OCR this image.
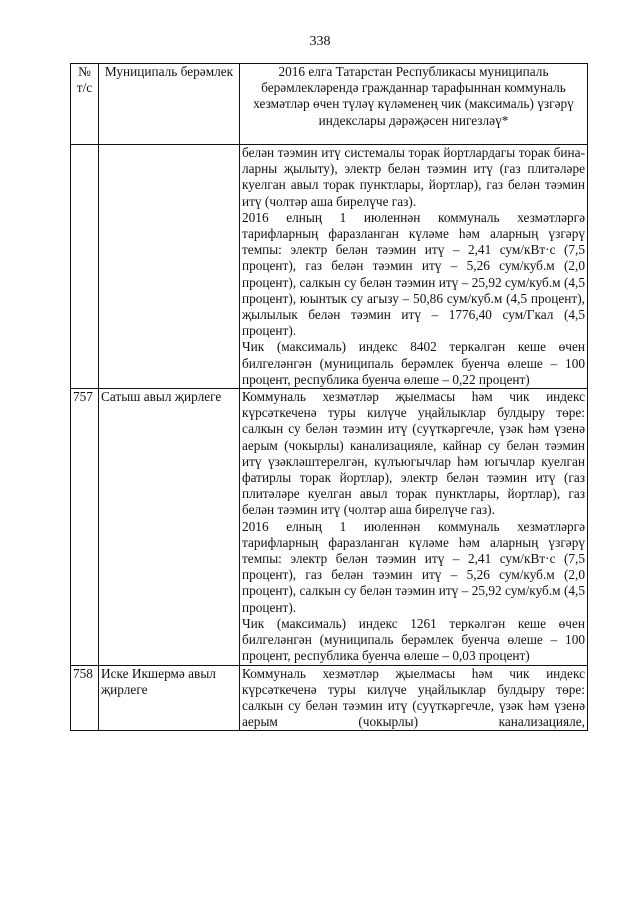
338
№ т/с	Муниципаль берәмлек	2016 елга Татарстан Республикасы муниципаль берәмлекләрендә гражданнар тарафыннан коммуналь хезмәтләр өчен түләү күләменең чик (максималь) үзгәрү индекслары дәрәҗәсен нигезләү*

		белән тәэмин итү системалы торак йортлардагы торак биналарны җылыту), электр белән тәэмин итү (газ плитәләре куелган авыл торак пунктлары, йортлар), газ белән тәэмин итү (чолтәр аша бирелүче газ).

2016 елның 1 июленнән коммуналь хезмәтләргә тарифларның фаразланган күләме һәм аларның үзгәрү темпы: электр белән тәэмин итү – 2,41 сум/кВт·с (7,5 процент), газ белән тәэмин итү – 5,26 сум/куб.м (2,0 процент), салкын су белән тәэмин итү – 25,92 сум/куб.м (4,5 процент), юынтык су агызу – 50,86 сум/куб.м (4,5 процент), җылылык белән тәэмин итү – 1776,40 сум/Гкал (4,5 процент).

Чик (максималь) индекс 8402 теркәлгән кеше өчен билгеләнгән (муниципаль берәмлек буенча өлеше – 100 процент, республика буенча өлеше – 0,22 процент)

757	Сатыш авыл җирлеге	Коммуналь хезмәтләр җыелмасы һәм чик индекс күрсәткеченә туры килүче уңайлыклар булдыру төре: салкын су белән тәэмин итү (суүткәргечле, үзәк һәм үзенә аерым (чокырлы) канализацияле, кайнар су белән тәэмин итү үзәкләштерелгән, күлъюгычлар һәм югычлар куелган фатирлы торак йортлар), электр белән тәэмин итү (газ плитәләре куелган авыл торак пунктлары, йортлар), газ белән тәэмин итү (чолтәр аша бирелүче газ).

2016 елның 1 июленнән коммуналь хезмәтләргә тарифларның фаразланган күләме һәм аларның үзгәрү темпы: электр белән тәэмин итү – 2,41 сум/кВт·с (7,5 процент), газ белән тәэмин итү – 5,26 сум/куб.м (2,0 процент), салкын су белән тәэмин итү – 25,92 сум/куб.м (4,5 процент).

Чик (максималь) индекс 1261 теркәлгән кеше өчен билгеләнгән (муниципаль берәмлек буенча өлеше – 100 процент, республика буенча өлеше – 0,03 процент)

758	Иске Икшермә авыл җирлеге	Коммуналь хезмәтләр җыелмасы һәм чик индекс күрсәткеченә туры килүче уңайлыклар булдыру төре: салкын су белән тәэмин итү (суүткәргечле, үзәк һәм үзенә аерым (чокырлы) канализацияле,
